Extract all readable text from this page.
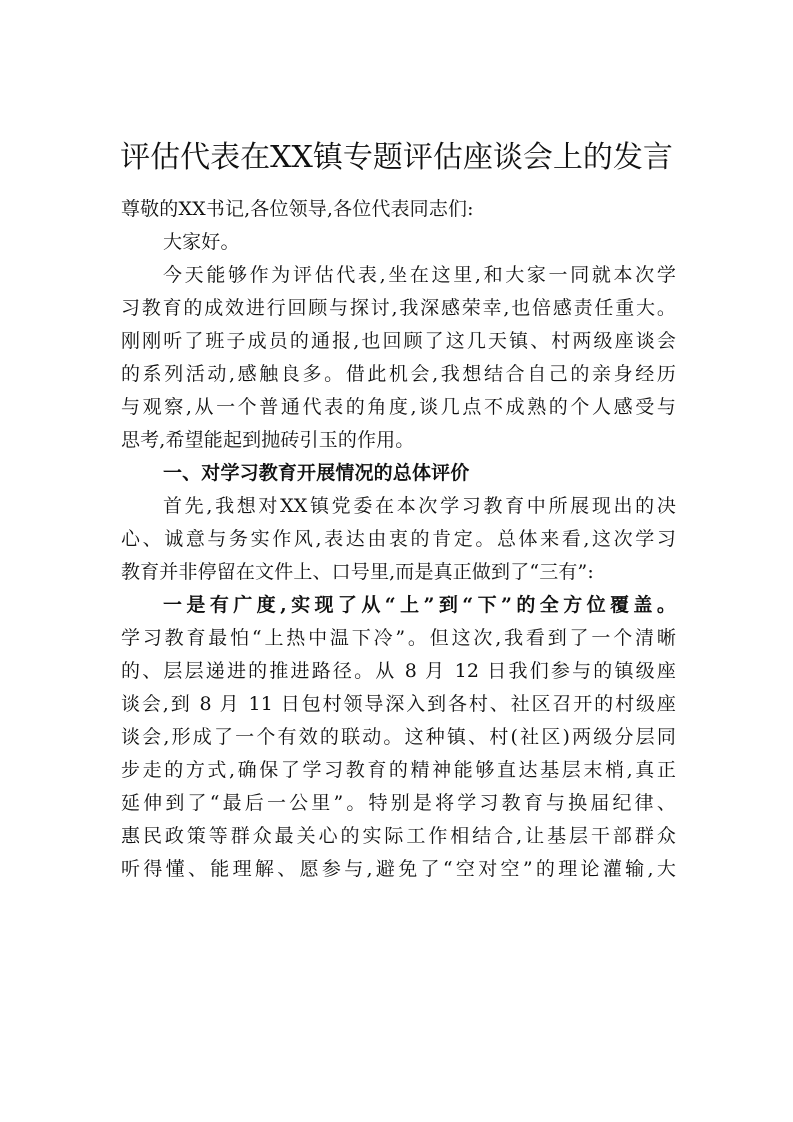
评估代表在XX镇专题评估座谈会上的发言
尊敬的XX书记,各位领导,各位代表同志们:
大家好。
今天能够作为评估代表,坐在这里,和大家一同就本次学
习教育的成效进行回顾与探讨,我深感荣幸,也倍感责任重大。
刚刚听了班子成员的通报,也回顾了这几天镇、村两级座谈会
的系列活动,感触良多。借此机会,我想结合自己的亲身经历
与观察,从一个普通代表的角度,谈几点不成熟的个人感受与
思考,希望能起到抛砖引玉的作用。
一、对学习教育开展情况的总体评价
首先,我想对XX镇党委在本次学习教育中所展现出的决
心、诚意与务实作风,表达由衷的肯定。总体来看,这次学习
教育并非停留在文件上、口号里,而是真正做到了“三有”:
一是有广度,实现了从“上”到“下”的全方位覆盖。
学习教育最怕“上热中温下冷”。但这次,我看到了一个清晰
的、层层递进的推进路径。从 8 月 12 日我们参与的镇级座
谈会,到 8 月 11 日包村领导深入到各村、社区召开的村级座
谈会,形成了一个有效的联动。这种镇、村(社区)两级分层同
步走的方式,确保了学习教育的精神能够直达基层末梢,真正
延伸到了“最后一公里”。特别是将学习教育与换届纪律、
惠民政策等群众最关心的实际工作相结合,让基层干部群众
听得懂、能理解、愿参与,避免了“空对空”的理论灌输,大
